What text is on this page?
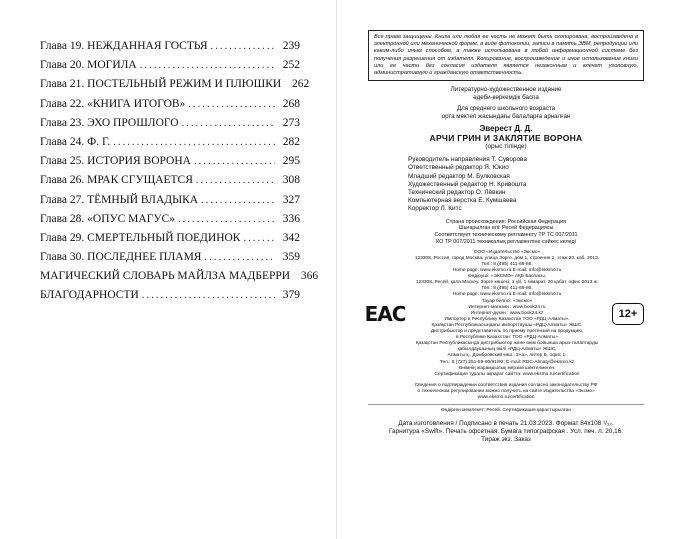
Глава 19. НЕЖДАННАЯ ГОСТЬЯ .....	239
Глава 20. МОГИЛА .....	252
Глава 21. ПОСТЕЛЬНЫЙ РЕЖИМ И ПЛЮШКИ 262
Глава 22. «КНИГА ИТОГОВ» .....	268
Глава 23. ЭХО ПРОШЛОГО .....	273
Глава 24. Ф. Г. .....	282
Глава 25. ИСТОРИЯ ВОРОНА .....	295
Глава 26. МРАК СГУЩАЕТСЯ .....	308
Глава 27. ТЁМНЫЙ ВЛАДЫКА .....	327
Глава 28. «ОПУС МАГУС» .....	336
Глава 29. СМЕРТЕЛЬНЫЙ ПОЕДИНОК .....	342
Глава 30. ПОСЛЕДНЕЕ ПЛАМЯ .....	359
МАГИЧЕСКИЙ СЛОВАРЬ МАЙЛЗА МАДБЕРРИ 366
БЛАГОДАРНОСТИ .....	379
Все права защищены. Книга или любая ее часть не может быть скопирована, воспроизведена в электронной или механической форме, в виде фотокопии, записи в память ЭВМ, репродукции или каким-либо иным способом, а также использована в любой информационной системе без получения разрешения от издателя. Копирование, воспроизведение и иное использование книги или ее части без согласия издателя является незаконным и влечет уголовную, административную и гражданскую ответственность.
Литературно-художественное издание
әдеби-көркемдік баспа
Для среднего школьного возраста
орта мектеп жасындағы балаларға арналған
Эверест Д. Д.
АРЧИ ГРИН И ЗАКЛЯТИЕ ВОРОНА
(орыс тілінде)
Руководитель направления Т. Суворова
Ответственный редактор Я. Юкио
Младший редактор М. Булковская
Художественный редактор Н. Кривошта
Технический редактор О. Лёвкин
Компьютерная верстка Е. Кумшаева
Корректор Л. Китс
Страна происхождения: Российская Федерация
Шығарылған елі: Ресей Федерациясы
Соответствует техническому регламенту ТР ТС 007/2011
КО ТР 007/2011 техникалық регламентіне сәйкес келеді
ЕАС
ООО «Издательство «Эксмо»
123308, Россия, город Москва, улица Зорге, дом 1, строение 1, этаж 20, каб. 2013.
Тел.: 8 (495) 411-68-86.
Home page: www.eksmo.ru E-mail: info@eksmo.ru
Өндіруші: «ЭКСМО» АҚБ Баспасы,
123308, Ресей, қала Мәскеу, Зорге көшесі, 1 үй, 1 ғимарат, 20 қабат, офис 2013 ж.
Тел.: 8 (495) 411-68-86.
Home page: www.eksmo.ru E-mail: info@eksmo.ru
Тауар белгісі: «Эксмо»
Интернет-магазин : www.book24.ru
Интернет-дүкен : www.book24.kz
Импортер в Республику Казахстан ТОО «РДЦ-Алматы».
Қазақстан Республикасындағы импорттаушы «РДЦ-Алматы» ЖШС.
Дистрибьютор и представитель по приему претензий на продукцию,
в Республике Казахстан: ТОО «РДЦ-Алматы»
Қазақстан Республикасында дистрибьютор және өнім бойынша арыз-талаптарды
қабылдаушының өкілі «РДЦ-Алматы» ЖШС,
Алматы қ., Домбровский көш., 3«а», литер Б, офис 1.
Тел.: 8 (727) 251-59-90/91/92; E-mail: RDC-Almaty@eksmo.kz
Өнімнің жарамдылық мерзімі шектелмеген.
Сертификация туралы ақпарат сайтта: www.eksmo.ru/certification
12+
Сведения о подтверждении соответствия издания согласно законодательству РФ
о техническом регулировании можно получить на сайте Издательства «Эксмо»
www.eksmo.ru/certification
Өндірген мемлекет: Ресей. Сертификация қарастырылған
Дата изготовления / Подписано в печать 21.03.2023. Формат 84x108 ¹/₃₂.
Гарнитура «Swift». Печать офсетная. Бумага типографская . Усл. печ. л. 20,16.
Тираж экз. Заказ
